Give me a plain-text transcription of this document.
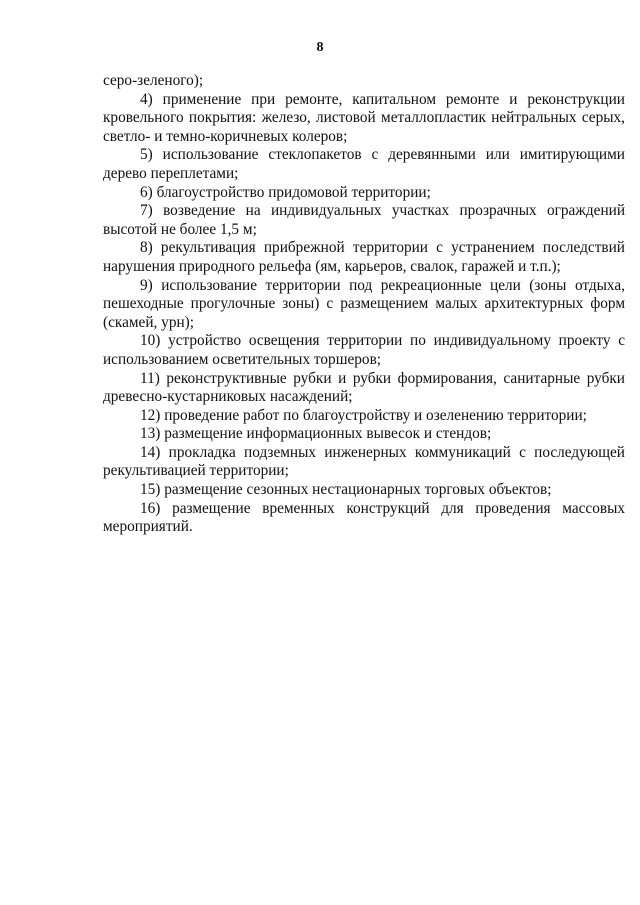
8

серо-зеленого);

4) применение при ремонте, капитальном ремонте и реконструкции кровельного покрытия: железо, листовой металлопластик нейтральных серых, светло- и темно-коричневых колеров;

5) использование стеклопакетов с деревянными или имитирующими дерево переплетами;

6) благоустройство придомовой территории;

7) возведение на индивидуальных участках прозрачных ограждений высотой не более 1,5 м;

8) рекультивация прибрежной территории с устранением последствий нарушения природного рельефа (ям, карьеров, свалок, гаражей и т.п.);

9) использование территории под рекреационные цели (зоны отдыха, пешеходные прогулочные зоны) с размещением малых архитектурных форм (скамей, урн);

10) устройство освещения территории по индивидуальному проекту с использованием осветительных торшеров;

11) реконструктивные рубки и рубки формирования, санитарные рубки древесно-кустарниковых насаждений;

12) проведение работ по благоустройству и озеленению территории;

13) размещение информационных вывесок и стендов;

14) прокладка подземных инженерных коммуникаций с последующей рекультивацией территории;

15) размещение сезонных нестационарных торговых объектов;

16) размещение временных конструкций для проведения массовых мероприятий.
